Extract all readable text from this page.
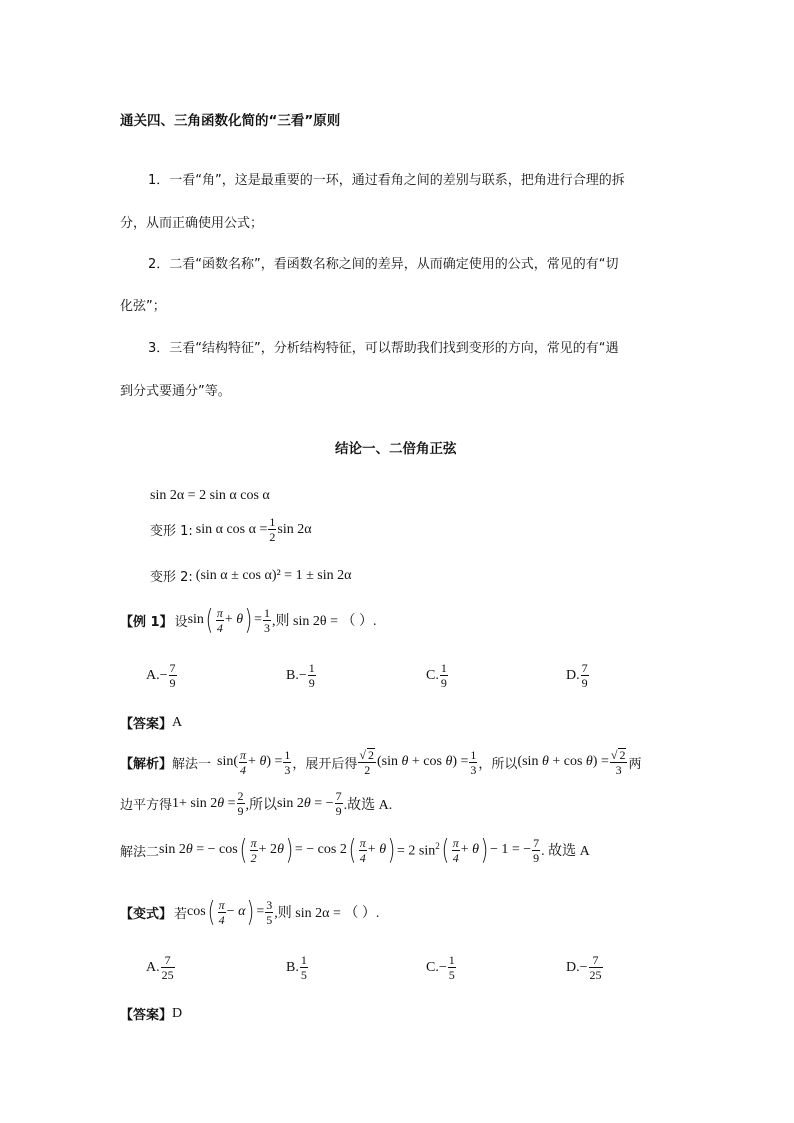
通关四、三角函数化简的“三看”原则
1．一看“角”，这是最重要的一环，通过看角之间的差别与联系，把角进行合理的拆
分，从而正确使用公式；
2．二看“函数名称”，看函数名称之间的差异，从而确定使用的公式，常见的有“切
化弦”；
3．三看“结构特征”，分析结构特征，可以帮助我们找到变形的方向，常见的有“遇
到分式要通分”等。
结论一、二倍角正弦
sin 2α = 2 sin α cos α
变形 1: sin α $\cos \alpha = \frac{1}{2}$ sin 2α
变形 2: (sin α ± cos α)² = 1 ± sin 2α
【例 1】 设 sin ( $\frac{\pi}{4} + \theta$ ) = $\frac{1}{3}$ ,则 sin 2θ = （ ）.
A. − $\frac{7}{9}$	B. − $\frac{1}{9}$	C. $\frac{1}{9}$	D. $\frac{7}{9}$
【答案】 A
【解析】 解法一 $\sin( \frac{\pi}{4} + \theta) = \frac{1}{3}$ ，展开后得 $\frac{√ 2}{2} (\sin$ $\theta + \cos \theta) = \frac{1}{3}$ ，所以 (sin $\theta + \cos \theta) = \frac{√ 2}{3}$ 两
边平方得 $1+ \sin 2\theta = \frac{2}{9}$ ,所以 sin 2θ = − $\frac{7}{9}$ .故选 A.
解法二 sin 2θ = − cos ( $\frac{\pi}{2} + 2\theta$ ) = − cos 2 ( $\frac{\pi}{4} + \theta$ ) = 2 $\sin^2$ ( $\frac{\pi}{4} + \theta$ ) − 1 = − $\frac{7}{9}$ . 故选 A
【变式】 若 cos ( $\frac{\pi}{4} - \alpha$ ) = $\frac{3}{5}$ ,则 sin 2α = （ ）.
A. $\frac{7}{25}$	B. $\frac{1}{5}$	C. − $\frac{1}{5}$	D. − $\frac{7}{25}$
【答案】 D
